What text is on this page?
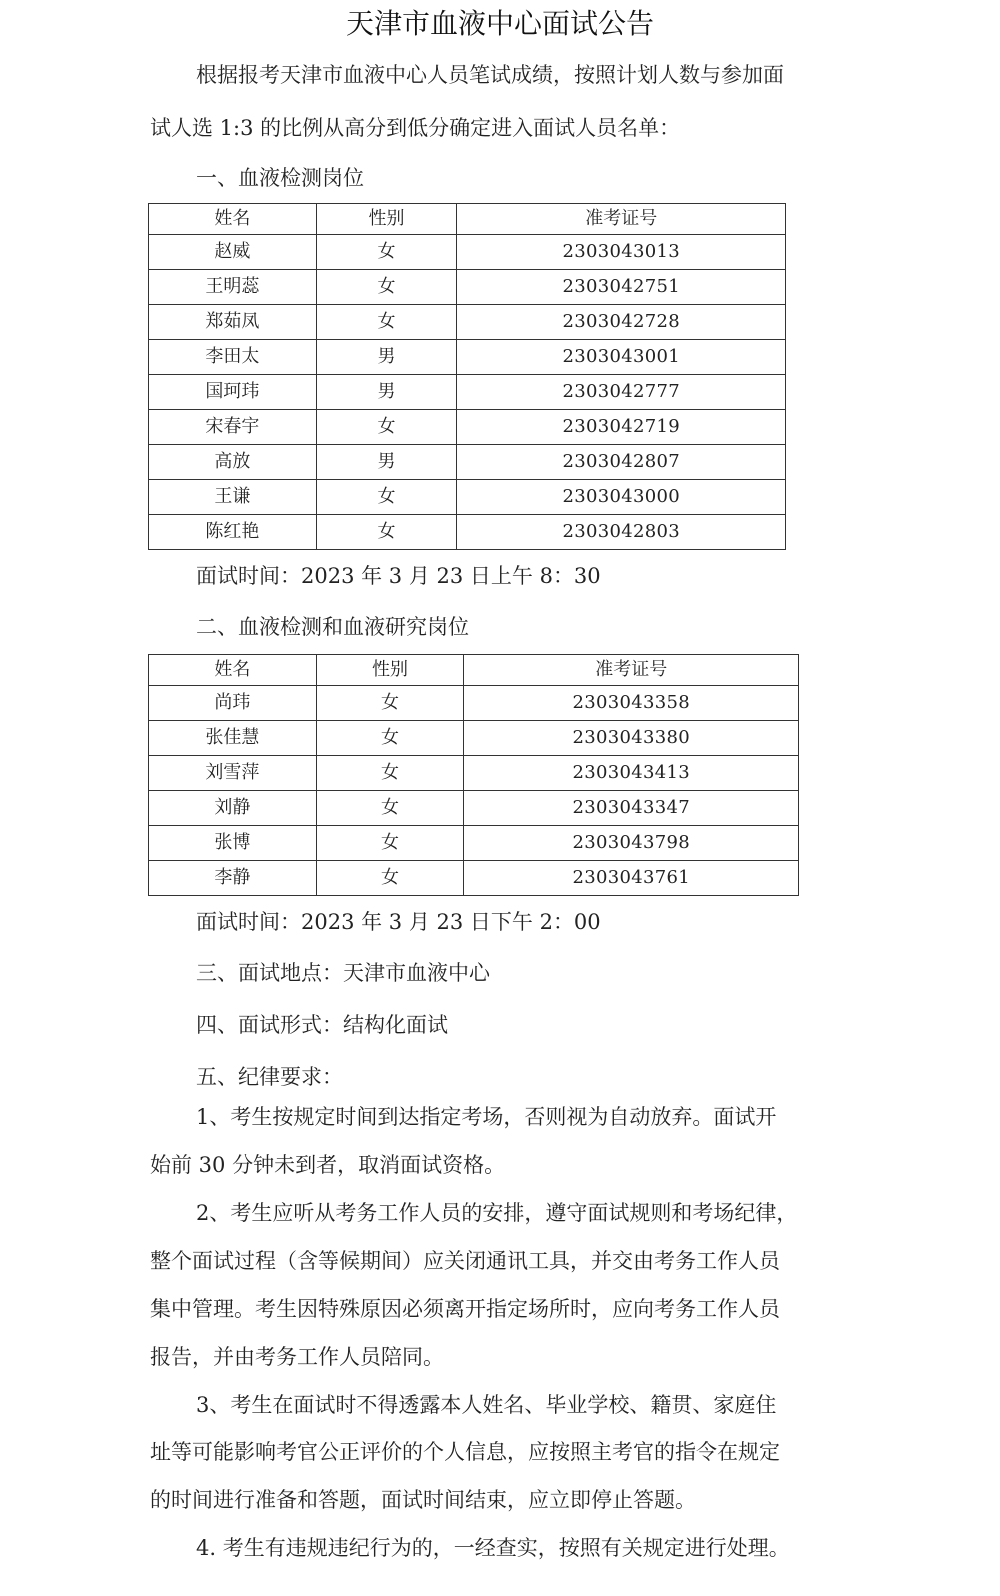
天津市血液中心面试公告
根据报考天津市血液中心人员笔试成绩，按照计划人数与参加面
试人选 1:3 的比例从高分到低分确定进入面试人员名单：
一、血液检测岗位
姓名	性别	准考证号
赵威	女	2303043013
王明蕊	女	2303042751
郑茹凤	女	2303042728
李田太	男	2303043001
国珂玮	男	2303042777
宋春宇	女	2303042719
高放	男	2303042807
王谦	女	2303043000
陈红艳	女	2303042803
面试时间：2023 年 3 月 23 日上午 8：30
二、血液检测和血液研究岗位
姓名	性别	准考证号
尚玮	女	2303043358
张佳慧	女	2303043380
刘雪萍	女	2303043413
刘静	女	2303043347
张博	女	2303043798
李静	女	2303043761
面试时间：2023 年 3 月 23 日下午 2：00
三、面试地点：天津市血液中心
四、面试形式：结构化面试
五、纪律要求：
1、考生按规定时间到达指定考场，否则视为自动放弃。面试开
始前 30 分钟未到者，取消面试资格。
2、考生应听从考务工作人员的安排，遵守面试规则和考场纪律，
整个面试过程（含等候期间）应关闭通讯工具，并交由考务工作人员
集中管理。考生因特殊原因必须离开指定场所时，应向考务工作人员
报告，并由考务工作人员陪同。
3、考生在面试时不得透露本人姓名、毕业学校、籍贯、家庭住
址等可能影响考官公正评价的个人信息，应按照主考官的指令在规定
的时间进行准备和答题，面试时间结束，应立即停止答题。
4. 考生有违规违纪行为的，一经查实，按照有关规定进行处理。
